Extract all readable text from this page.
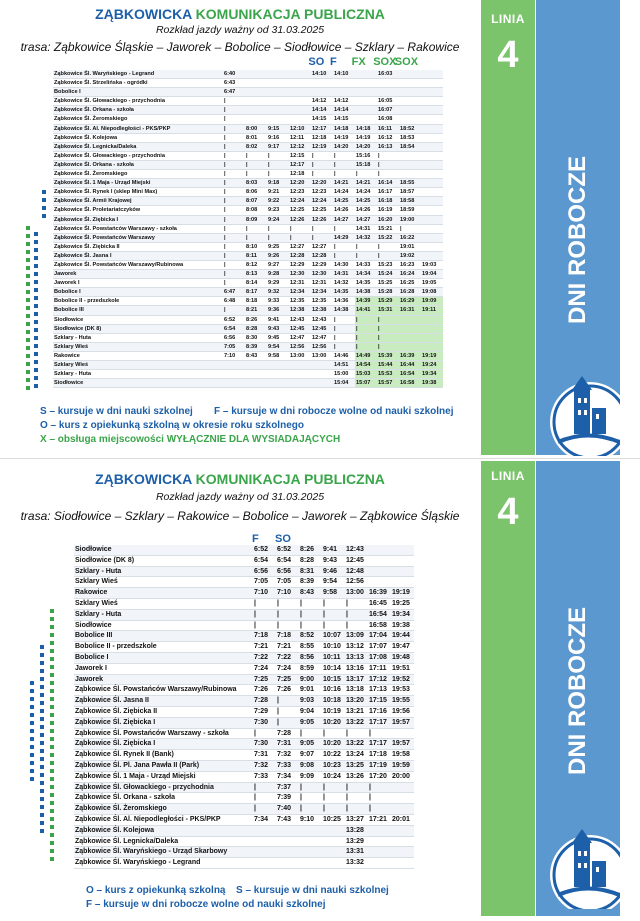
LINIA
4
DNI ROBOCZE
ZĄBKOWICKA KOMUNIKACJA PUBLICZNA
Rozkład jazdy ważny od 31.03.2025
trasa: Ząbkowice Śląskie – Jaworek – Bobolice – Siodłowice – Szklary – Rakowice
SO F FX SOX
SOX
Ząbkowice Śl. Waryńskiego - Legrand	6:40				14:10	14:10		16:03		
Ząbkowice Śl. Strzelińska - ogródki	6:43									
Bobolice I	6:47									
Ząbkowice Śl. Głowackiego - przychodnia	|				14:12	14:12		16:05		
Ząbkowice Śl. Orkana - szkoła	|				14:14	14:14		16:07		
Ząbkowice Śl. Żeromskiego	|				14:15	14:15		16:08		
Ząbkowice Śl. Al. Niepodległości - PKS/PKP	|	8:00	9:15	12:10	12:17	14:18	14:18	16:11	18:52	
Ząbkowice Śl. Kolejowa	|	8:01	9:16	12:11	12:18	14:19	14:19	16:12	18:53	
Ząbkowice Śl. Legnicka/Daleka	|	8:02	9:17	12:12	12:19	14:20	14:20	16:13	18:54	
Ząbkowice Śl. Głowackiego - przychodnia	|	|	|	12:15	|	|	15:16	|		
Ząbkowice Śl. Orkana - szkoła	|	|	|	12:17	|	|	15:18	|		
Ząbkowice Śl. Żeromskiego	|	|	|	12:18	|	|	|	|		
Ząbkowice Śl. 1 Maja - Urząd Miejski	|	8:03	9:18	12:20	12:20	14:21	14:21	16:14	18:55	
Ząbkowice Śl. Rynek I (sklep Mini Max)	|	8:06	9:21	12:23	12:23	14:24	14:24	16:17	18:57	
Ząbkowice Śl. Armii Krajowej	|	8:07	9:22	12:24	12:24	14:25	14:25	16:18	18:58	
Ząbkowice Śl. Proletariatczyków	|	8:08	9:23	12:25	12:25	14:26	14:26	16:19	18:59	
Ząbkowice Śl. Ziębicka I	|	8:09	9:24	12:26	12:26	14:27	14:27	16:20	19:00	
Ząbkowice Śl. Powstańców Warszawy - szkoła	|	|	|	|	|	|	14:31	15:21	|	
Ząbkowice Śl. Powstańców Warszawy	|	|	|	|	|	14:29	14:32	15:22	16:22	
Ząbkowice Śl. Ziębicka II	|	8:10	9:25	12:27	12:27	|	|	|	19:01	
Ząbkowice Śl. Jasna I	|	8:11	9:26	12:28	12:28	|	|	|	19:02	
Ząbkowice Śl. Powstańców Warszawy/Rubinowa	|	8:12	9:27	12:29	12:29	14:30	14:33	15:23	16:23	19:03
Jaworek	|	8:13	9:28	12:30	12:30	14:31	14:34	15:24	16:24	19:04
Jaworek I	|	8:14	9:29	12:31	12:31	14:32	14:35	15:25	16:25	19:05
Bobolice I	6:47	8:17	9:32	12:34	12:34	14:35	14:38	15:28	16:28	19:08
Bobolice II - przedszkole	6:48	8:18	9:33	12:35	12:35	14:36	14:39	15:29	16:29	19:09
Bobolice III	|	8:21	9:36	12:38	12:38	14:38	14:41	15:31	16:31	19:11
Siodłowice	6:52	8:26	9:41	12:43	12:43	|	|	|		
Siodłowice (DK 8)	6:54	8:28	9:43	12:45	12:45	|	|	|		
Szklary - Huta	6:56	8:30	9:45	12:47	12:47	|	|	|		
Szklary Wieś	7:05	8:39	9:54	12:56	12:56	|	|	|		
Rakowice	7:10	8:43	9:58	13:00	13:00	14:46	14:49	15:39	16:39	19:19
Szklary Wieś						14:51	14:54	15:44	16:44	19:24
Szklary - Huta						15:00	15:03	15:53	16:54	19:34
Siodłowice						15:04	15:07	15:57	16:58	19:38
S – kursuje w dni nauki szkolnej F – kursuje w dni robocze wolne od nauki szkolnej
O – kurs z opiekunką szkolną w okresie roku szkolnego
X – obsługa miejscowości WYŁĄCZNIE DLA WYSIADAJĄCYCH
LINIA
4
DNI ROBOCZE
ZĄBKOWICKA KOMUNIKACJA PUBLICZNA
Rozkład jazdy ważny od 31.03.2025
trasa: Siodłowice – Szklary – Rakowice – Bobolice – Jaworek – Ząbkowice Śląskie
F SO
Siodłowice	6:52	6:52	8:26	9:41	12:43		
Siodłowice (DK 8)	6:54	6:54	8:28	9:43	12:45		
Szklary - Huta	6:56	6:56	8:31	9:46	12:48		
Szklary Wieś	7:05	7:05	8:39	9:54	12:56		
Rakowice	7:10	7:10	8:43	9:58	13:00	16:39	19:19
Szklary Wieś	|	|	|	|	|	16:45	19:25
Szklary - Huta	|	|	|	|	|	16:54	19:34
Siodłowice	|	|	|	|	|	16:58	19:38
Bobolice III	7:18	7:18	8:52	10:07	13:09	17:04	19:44
Bobolice II - przedszkole	7:21	7:21	8:55	10:10	13:12	17:07	19:47
Bobolice I	7:22	7:22	8:56	10:11	13:13	17:08	19:48
Jaworek I	7:24	7:24	8:59	10:14	13:16	17:11	19:51
Jaworek	7:25	7:25	9:00	10:15	13:17	17:12	19:52
Ząbkowice Śl. Powstańców Warszawy/Rubinowa	7:26	7:26	9:01	10:16	13:18	17:13	19:53
Ząbkowice Śl. Jasna II	7:28	|	9:03	10:18	13:20	17:15	19:55
Ząbkowice Śl. Ziębicka II	7:29	|	9:04	10:19	13:21	17:16	19:56
Ząbkowice Śl. Ziębicka I	7:30	|	9:05	10:20	13:22	17:17	19:57
Ząbkowice Śl. Powstańców Warszawy - szkoła	|	7:28	|	|	|	|	
Ząbkowice Śl. Ziębicka I	7:30	7:31	9:05	10:20	13:22	17:17	19:57
Ząbkowice Śl. Rynek II (Bank)	7:31	7:32	9:07	10:22	13:24	17:18	19:58
Ząbkowice Śl. Pl. Jana Pawła II (Park)	7:32	7:33	9:08	10:23	13:25	17:19	19:59
Ząbkowice Śl. 1 Maja - Urząd Miejski	7:33	7:34	9:09	10:24	13:26	17:20	20:00
Ząbkowice Śl. Głowackiego - przychodnia	|	7:37	|	|	|	|	
Ząbkowice Śl. Orkana - szkoła	|	7:39	|	|	|	|	
Ząbkowice Śl. Żeromskiego	|	7:40	|	|	|	|	
Ząbkowice Śl. Al. Niepodległości - PKS/PKP	7:34	7:43	9:10	10:25	13:27	17:21	20:01
Ząbkowice Śl. Kolejowa					13:28		
Ząbkowice Śl. Legnicka/Daleka					13:29		
Ząbkowice Śl. Waryńskiego - Urząd Skarbowy					13:31		
Ząbkowice Śl. Waryńskiego - Legrand					13:32		
O – kurs z opiekunką szkolną S – kursuje w dni nauki szkolnej
F – kursuje w dni robocze wolne od nauki szkolnej
